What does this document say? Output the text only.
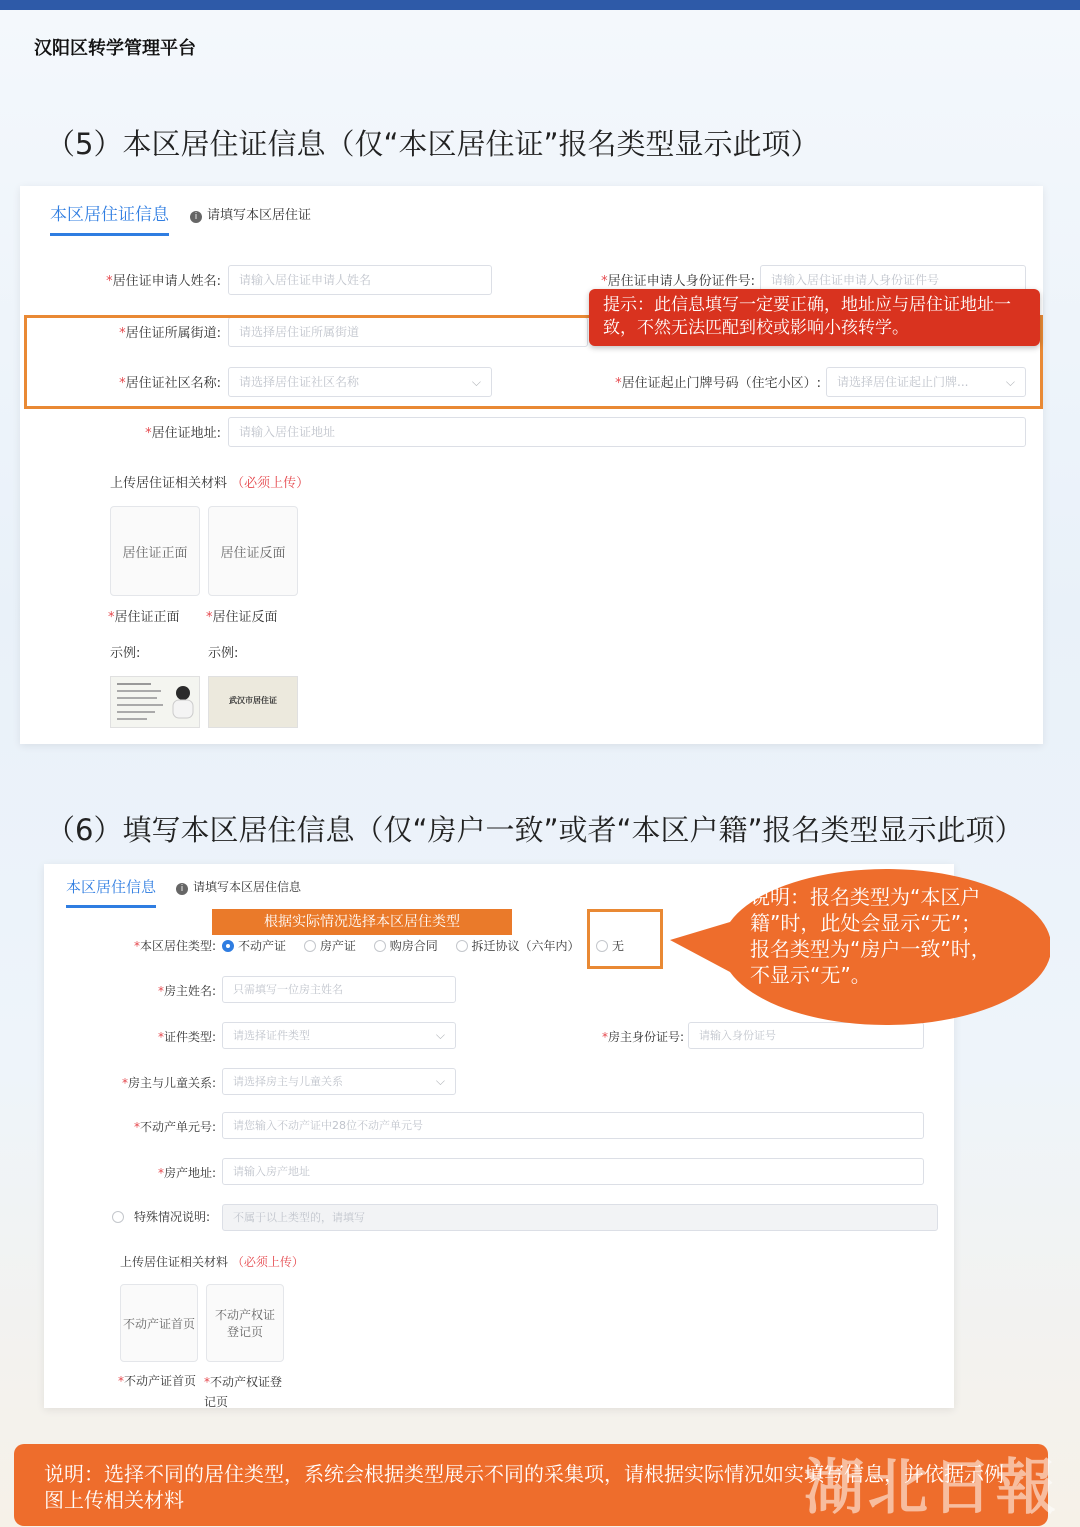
汉阳区转学管理平台
（5）本区居住证信息（仅“本区居住证”报名类型显示此项）
本区居住证信息	i 请填写本区居住证
*居住证申请人姓名:	请输入居住证申请人姓名	*居住证申请人身份证件号:	请输入居住证申请人身份证件号
*居住证所属街道:	请选择居住证所属街道
*居住证社区名称:	请选择居住证社区名称	⌵	*居住证起止门牌号码（住宅小区）:	请选择居住证起止门牌...	⌵
*居住证地址:	请输入居住证地址
上传居住证相关材料 （必须上传）
居住证正面	居住证反面
*居住证正面 *居住证反面
示例:	示例:
武汉市居住证
提示：此信息填写一定要正确，地址应与居住证地址一致，不然无法匹配到校或影响小孩转学。
（6）填写本区居住信息（仅“房户一致”或者“本区户籍”报名类型显示此项）
本区居住信息	i 请填写本区居住信息
*本区居住类型:	不动产证	房产证	购房合同	拆迁协议（六年内）	无
*房主姓名:	只需填写一位房主姓名
*证件类型:	请选择证件类型	⌵	*房主身份证号:	请输入身份证号
*房主与儿童关系:	请选择房主与儿童关系	⌵
*不动产单元号:	请您输入不动产证中28位不动产单元号
*房产地址:	请输入房产地址
特殊情况说明:	不属于以上类型的，请填写
上传居住证相关材料 （必须上传）
不动产证首页
不动产权证登记页
*不动产证首页 *不动产权证登记页
根据实际情况选择本区居住类型
说明：报名类型为“本区户籍”时，此处会显示“无”；报名类型为“房户一致”时，不显示“无”。
说明：选择不同的居住类型，系统会根据类型展示不同的采集项，请根据实际情况如实填写信息，并依据示例图上传相关材料	湖北日報
